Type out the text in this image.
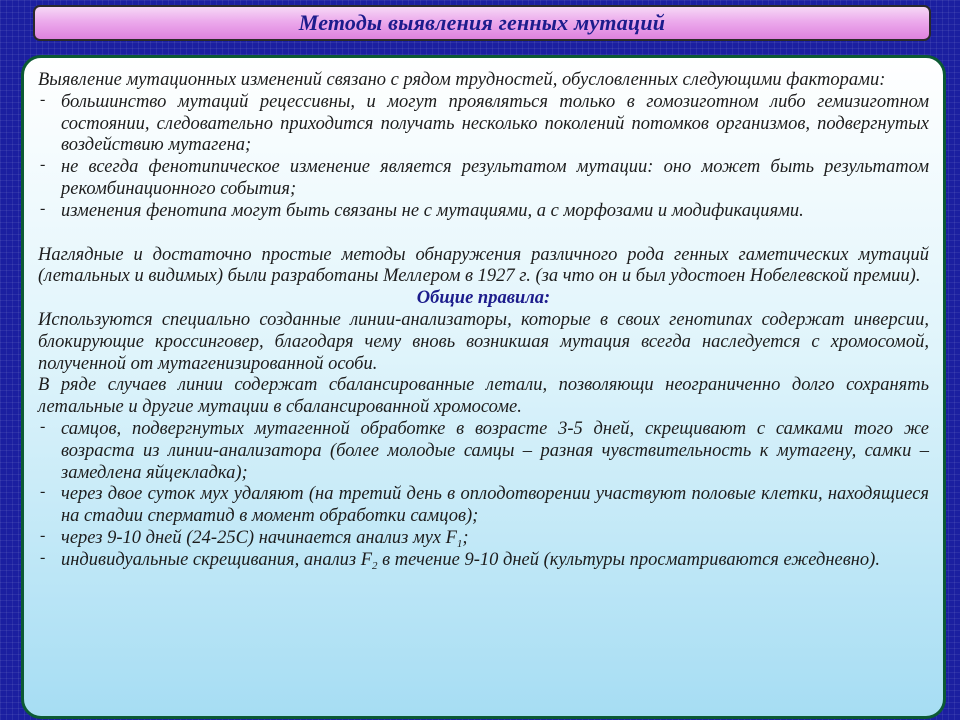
Методы выявления генных мутаций

Выявление мутационных изменений связано с рядом трудностей, обусловленных следующими факторами:

- большинство мутаций рецессивны, и могут проявляться только в гомозиготном либо гемизиготном состоянии, следовательно приходится получать несколько поколений потомков организмов, подвергнутых воздействию мутагена;
- не всегда фенотипическое изменение является результатом мутации: оно может быть результатом рекомбинационного события;
- изменения фенотипа могут быть связаны не с мутациями, а с морфозами и модификациями.

Наглядные и достаточно простые методы обнаружения различного рода генных гаметических мутаций (летальных и видимых) были разработаны Меллером в 1927 г. (за что он и был удостоен Нобелевской премии).

Общие правила:

Используются специально созданные линии-анализаторы, которые в своих генотипах содержат инверсии, блокирующие кроссинговер, благодаря чему вновь возникшая мутация всегда наследуется с хромосомой, полученной от мутагенизированной особи.

В ряде случаев линии содержат сбалансированные летали, позволяющи неограниченно долго сохранять летальные и другие мутации в сбалансированной хромосоме.

- самцов, подвергнутых мутагенной обработке в возрасте 3-5 дней, скрещивают с самками того же возраста из линии-анализатора (более молодые самцы – разная чувствительность к мутагену, самки – замедлена яйцекладка);
- через двое суток мух удаляют (на третий день в оплодотворении участвуют половые клетки, находящиеся на стадии сперматид в момент обработки самцов);
- через 9-10 дней (24-25С) начинается анализ мух $F_1$;
- индивидуальные скрещивания, анализ $F_2$ в течение 9-10 дней (культуры просматриваются ежедневно).
